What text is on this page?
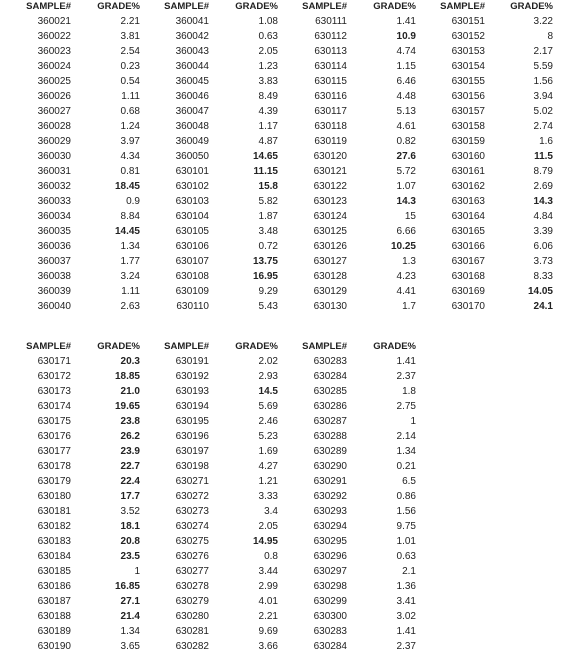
SAMPLE#	GRADE%	SAMPLE#	GRADE%	SAMPLE#	GRADE%	SAMPLE#	GRADE%
360021	2.21	360041	1.08	630111	1.41	630151	3.22
360022	3.81	360042	0.63	630112	10.9	630152	8
360023	2.54	360043	2.05	630113	4.74	630153	2.17
360024	0.23	360044	1.23	630114	1.15	630154	5.59
360025	0.54	360045	3.83	630115	6.46	630155	1.56
360026	1.11	360046	8.49	630116	4.48	630156	3.94
360027	0.68	360047	4.39	630117	5.13	630157	5.02
360028	1.24	360048	1.17	630118	4.61	630158	2.74
360029	3.97	360049	4.87	630119	0.82	630159	1.6
360030	4.34	360050	14.65	630120	27.6	630160	11.5
360031	0.81	630101	11.15	630121	5.72	630161	8.79
360032	18.45	630102	15.8	630122	1.07	630162	2.69
360033	0.9	630103	5.82	630123	14.3	630163	14.3
360034	8.84	630104	1.87	630124	15	630164	4.84
360035	14.45	630105	3.48	630125	6.66	630165	3.39
360036	1.34	630106	0.72	630126	10.25	630166	6.06
360037	1.77	630107	13.75	630127	1.3	630167	3.73
360038	3.24	630108	16.95	630128	4.23	630168	8.33
360039	1.11	630109	9.29	630129	4.41	630169	14.05
360040	2.63	630110	5.43	630130	1.7	630170	24.1
SAMPLE#	GRADE%	SAMPLE#	GRADE%	SAMPLE#	GRADE%
630171	20.3	630191	2.02	630283	1.41
630172	18.85	630192	2.93	630284	2.37
630173	21.0	630193	14.5	630285	1.8
630174	19.65	630194	5.69	630286	2.75
630175	23.8	630195	2.46	630287	1
630176	26.2	630196	5.23	630288	2.14
630177	23.9	630197	1.69	630289	1.34
630178	22.7	630198	4.27	630290	0.21
630179	22.4	630271	1.21	630291	6.5
630180	17.7	630272	3.33	630292	0.86
630181	3.52	630273	3.4	630293	1.56
630182	18.1	630274	2.05	630294	9.75
630183	20.8	630275	14.95	630295	1.01
630184	23.5	630276	0.8	630296	0.63
630185	1	630277	3.44	630297	2.1
630186	16.85	630278	2.99	630298	1.36
630187	27.1	630279	4.01	630299	3.41
630188	21.4	630280	2.21	630300	3.02
630189	1.34	630281	9.69	630283	1.41
630190	3.65	630282	3.66	630284	2.37
